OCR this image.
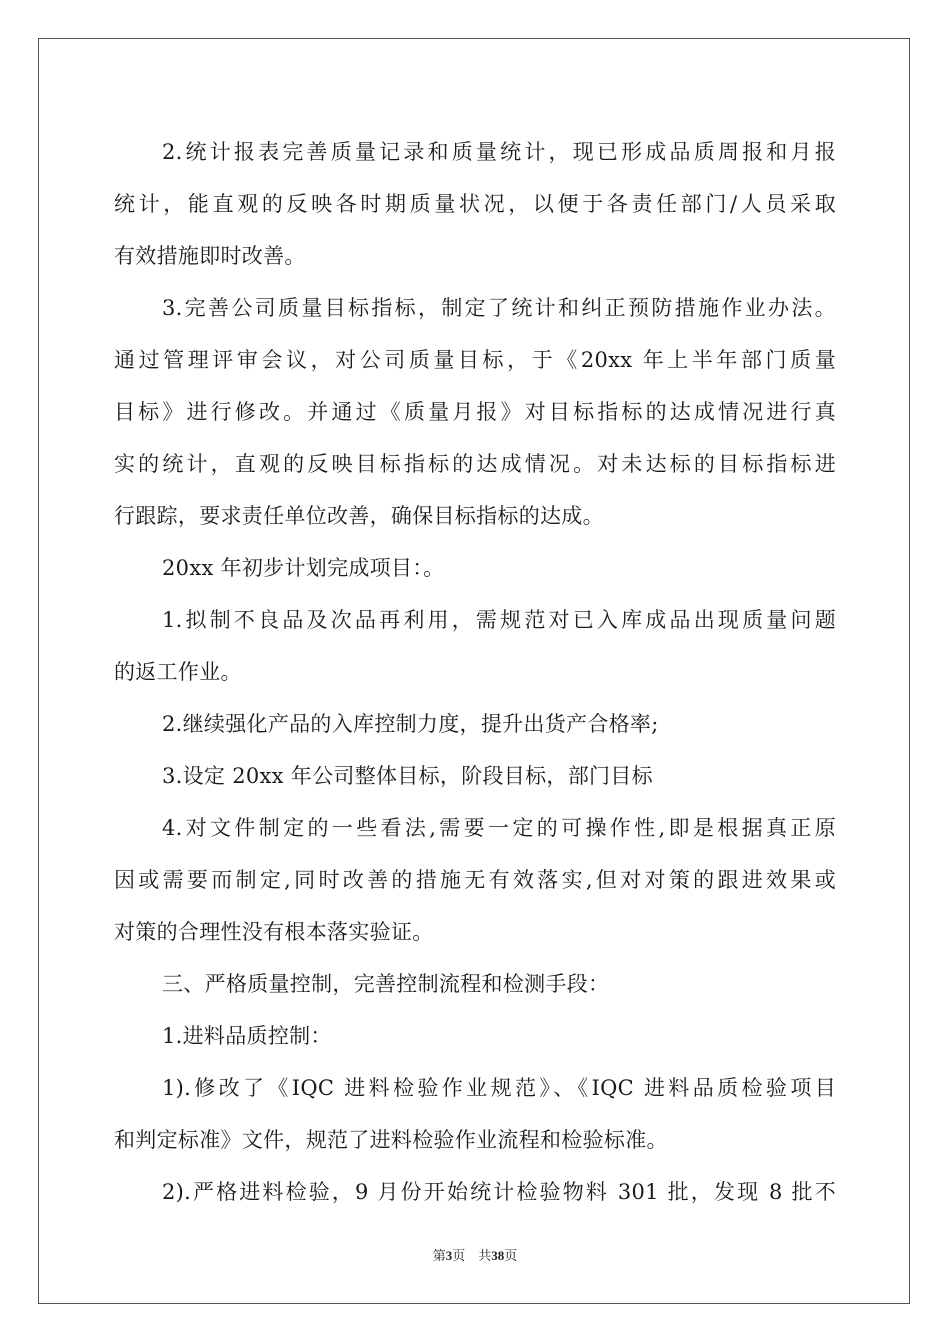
2.统计报表完善质量记录和质量统计，现已形成品质周报和月报
统计，能直观的反映各时期质量状况，以便于各责任部门/人员采取
有效措施即时改善。
3.完善公司质量目标指标，制定了统计和纠正预防措施作业办法。
通过管理评审会议，对公司质量目标，于《20xx 年上半年部门质量
目标》进行修改。并通过《质量月报》对目标指标的达成情况进行真
实的统计，直观的反映目标指标的达成情况。对未达标的目标指标进
行跟踪，要求责任单位改善，确保目标指标的达成。
20xx 年初步计划完成项目：。
1.拟制不良品及次品再利用，需规范对已入库成品出现质量问题
的返工作业。
2.继续强化产品的入库控制力度，提升出货产合格率;
3.设定 20xx 年公司整体目标，阶段目标，部门目标
4.对文件制定的一些看法,需要一定的可操作性,即是根据真正原
因或需要而制定,同时改善的措施无有效落实,但对对策的跟进效果或
对策的合理性没有根本落实验证。
三、严格质量控制，完善控制流程和检测手段：
1.进料品质控制：
1).修改了《IQC 进料检验作业规范》、《IQC 进料品质检验项目
和判定标准》文件，规范了进料检验作业流程和检验标准。
2).严格进料检验，9 月份开始统计检验物料 301 批，发现 8 批不
第3页　共38页
